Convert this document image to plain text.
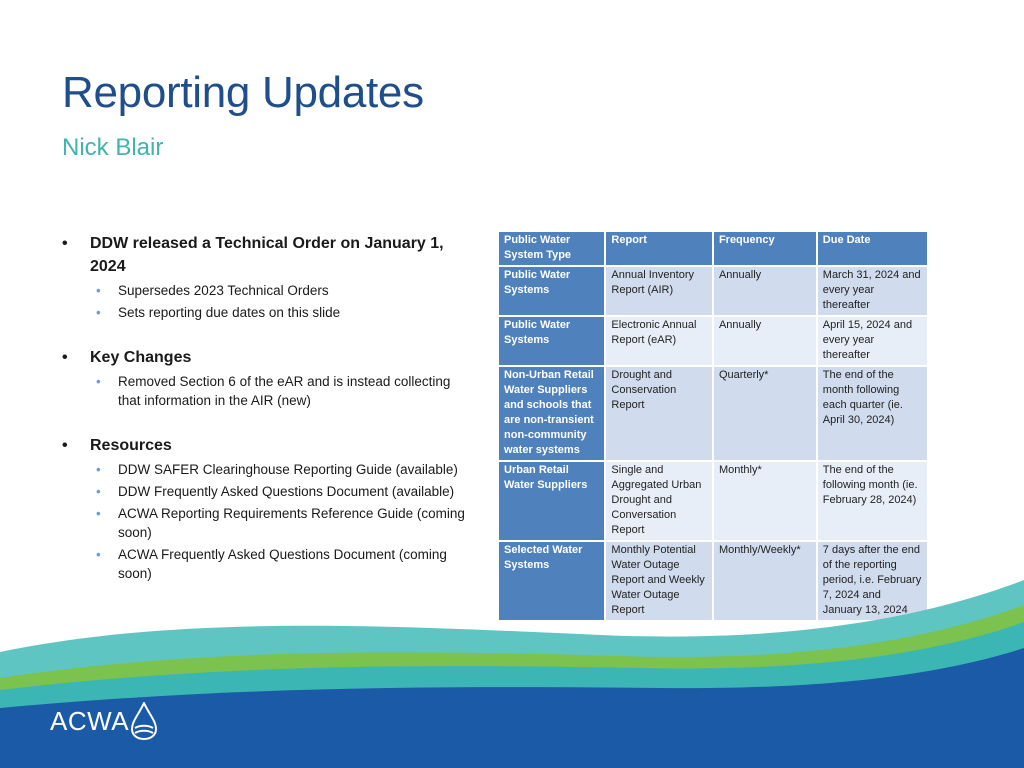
Reporting Updates
Nick Blair
•	DDW released a Technical Order on January 1, 2024
•	Supersedes 2023 Technical Orders
•	Sets reporting due dates on this slide
•	Key Changes
•	Removed Section 6 of the eAR and is instead collecting that information in the AIR (new)
•	Resources
•	DDW SAFER Clearinghouse Reporting Guide (available)
•	DDW Frequently Asked Questions Document (available)
•	ACWA Reporting Requirements Reference Guide (coming soon)
•	ACWA Frequently Asked Questions Document (coming soon)
Public Water System Type	Report	Frequency	Due Date
Public Water Systems	Annual Inventory Report (AIR)	Annually	March 31, 2024 and every year thereafter
Public Water Systems	Electronic Annual Report (eAR)	Annually	April 15, 2024 and every year thereafter
Non-Urban Retail Water Suppliers and schools that are non-transient non-community water systems	Drought and Conservation Report	Quarterly*	The end of the month following each quarter (ie. April 30, 2024)
Urban Retail Water Suppliers	Single and Aggregated Urban Drought and Conversation Report	Monthly*	The end of the following month (ie. February 28, 2024)
Selected Water Systems	Monthly Potential Water Outage Report and Weekly Water Outage Report	Monthly/Weekly*	7 days after the end of the reporting period, i.e. February 7, 2024 and January 13, 2024
ACWA
